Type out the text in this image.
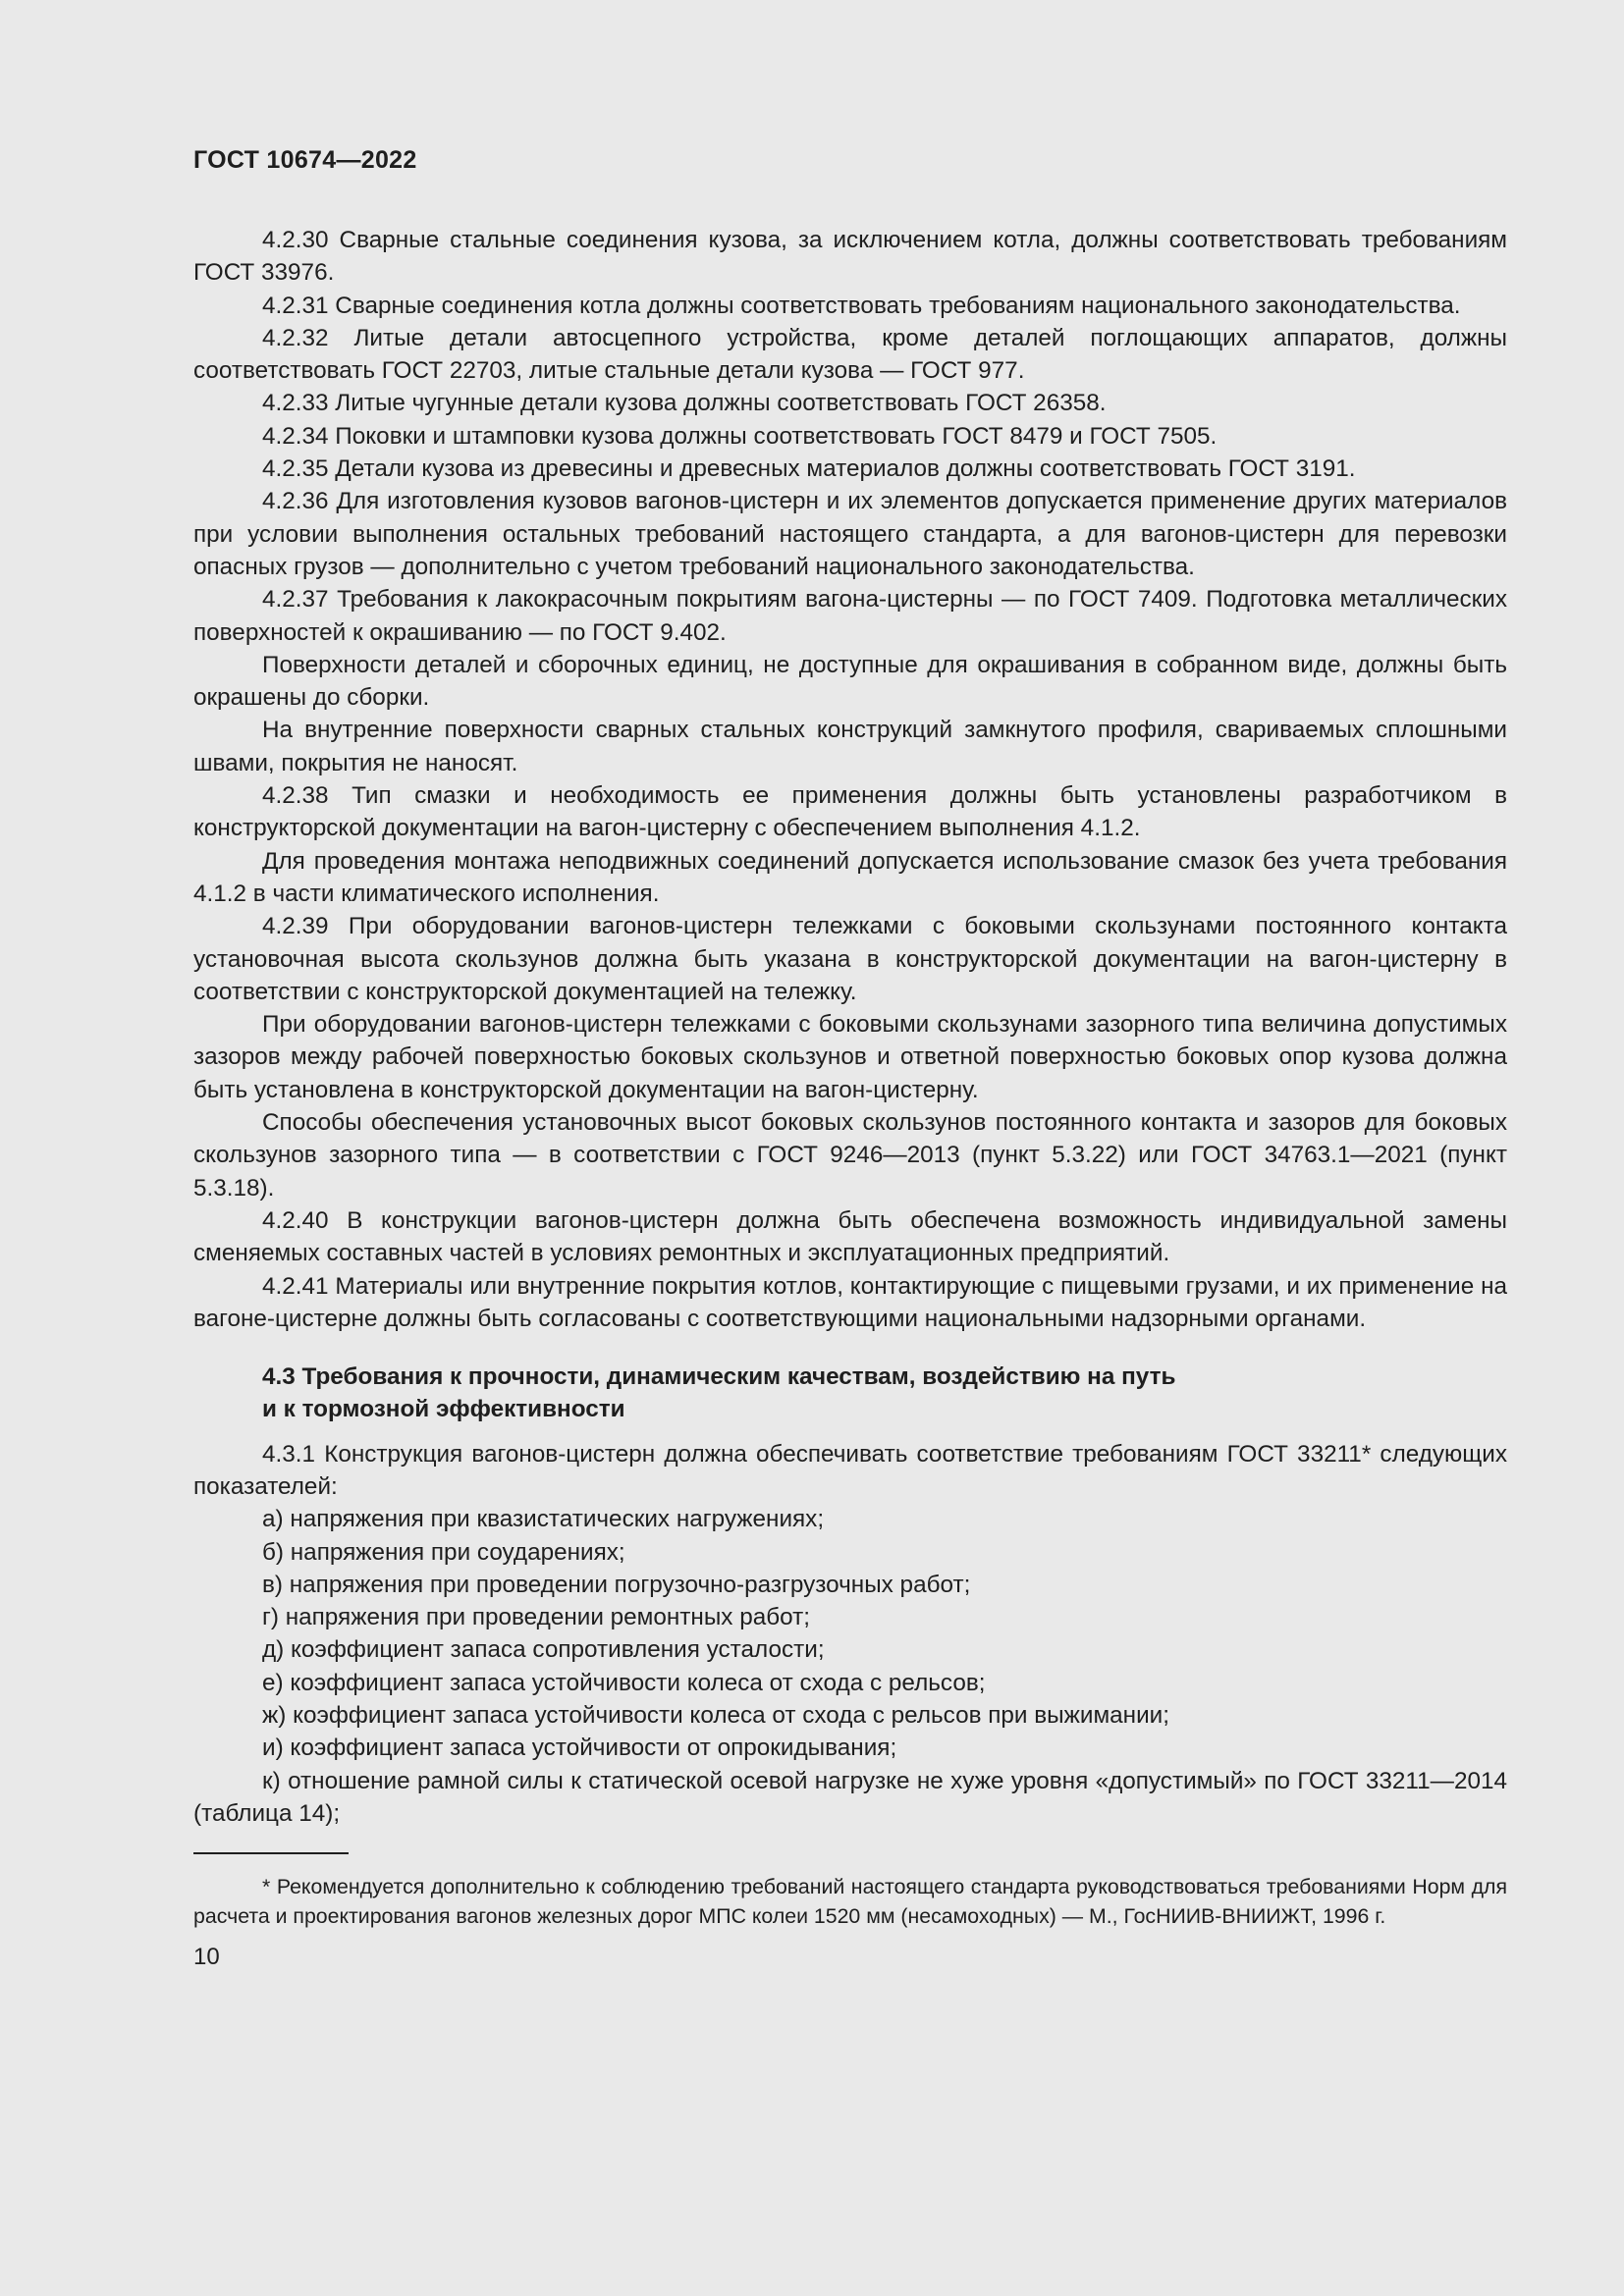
ГОСТ 10674—2022

4.2.30 Сварные стальные соединения кузова, за исключением котла, должны соответствовать требованиям ГОСТ 33976.

4.2.31 Сварные соединения котла должны соответствовать требованиям национального законодательства.

4.2.32 Литые детали автосцепного устройства, кроме деталей поглощающих аппаратов, должны соответствовать ГОСТ 22703, литые стальные детали кузова — ГОСТ 977.

4.2.33 Литые чугунные детали кузова должны соответствовать ГОСТ 26358.

4.2.34 Поковки и штамповки кузова должны соответствовать ГОСТ 8479 и ГОСТ 7505.

4.2.35 Детали кузова из древесины и древесных материалов должны соответствовать ГОСТ 3191.

4.2.36 Для изготовления кузовов вагонов-цистерн и их элементов допускается применение других материалов при условии выполнения остальных требований настоящего стандарта, а для вагонов-цистерн для перевозки опасных грузов — дополнительно с учетом требований национального законодательства.

4.2.37 Требования к лакокрасочным покрытиям вагона-цистерны — по ГОСТ 7409. Подготовка металлических поверхностей к окрашиванию — по ГОСТ 9.402.

Поверхности деталей и сборочных единиц, не доступные для окрашивания в собранном виде, должны быть окрашены до сборки.

На внутренние поверхности сварных стальных конструкций замкнутого профиля, свариваемых сплошными швами, покрытия не наносят.

4.2.38 Тип смазки и необходимость ее применения должны быть установлены разработчиком в конструкторской документации на вагон-цистерну с обеспечением выполнения 4.1.2.

Для проведения монтажа неподвижных соединений допускается использование смазок без учета требования 4.1.2 в части климатического исполнения.

4.2.39 При оборудовании вагонов-цистерн тележками с боковыми скользунами постоянного контакта установочная высота скользунов должна быть указана в конструкторской документации на вагон-цистерну в соответствии с конструкторской документацией на тележку.

При оборудовании вагонов-цистерн тележками с боковыми скользунами зазорного типа величина допустимых зазоров между рабочей поверхностью боковых скользунов и ответной поверхностью боковых опор кузова должна быть установлена в конструкторской документации на вагон-цистерну.

Способы обеспечения установочных высот боковых скользунов постоянного контакта и зазоров для боковых скользунов зазорного типа — в соответствии с ГОСТ 9246—2013 (пункт 5.3.22) или ГОСТ 34763.1—2021 (пункт 5.3.18).

4.2.40 В конструкции вагонов-цистерн должна быть обеспечена возможность индивидуальной замены сменяемых составных частей в условиях ремонтных и эксплуатационных предприятий.

4.2.41 Материалы или внутренние покрытия котлов, контактирующие с пищевыми грузами, и их применение на вагоне-цистерне должны быть согласованы с соответствующими национальными надзорными органами.

4.3 Требования к прочности, динамическим качествам, воздействию на путь
и к тормозной эффективности

4.3.1 Конструкция вагонов-цистерн должна обеспечивать соответствие требованиям ГОСТ 33211* следующих показателей:

а) напряжения при квазистатических нагружениях;

б) напряжения при соударениях;

в) напряжения при проведении погрузочно-разгрузочных работ;

г) напряжения при проведении ремонтных работ;

д) коэффициент запаса сопротивления усталости;

е) коэффициент запаса устойчивости колеса от схода с рельсов;

ж) коэффициент запаса устойчивости колеса от схода с рельсов при выжимании;

и) коэффициент запаса устойчивости от опрокидывания;

к) отношение рамной силы к статической осевой нагрузке не хуже уровня «допустимый» по ГОСТ 33211—2014 (таблица 14);

* Рекомендуется дополнительно к соблюдению требований настоящего стандарта руководствоваться требованиями Норм для расчета и проектирования вагонов железных дорог МПС колеи 1520 мм (несамоходных) — М., ГосНИИВ-ВНИИЖТ, 1996 г.

10
